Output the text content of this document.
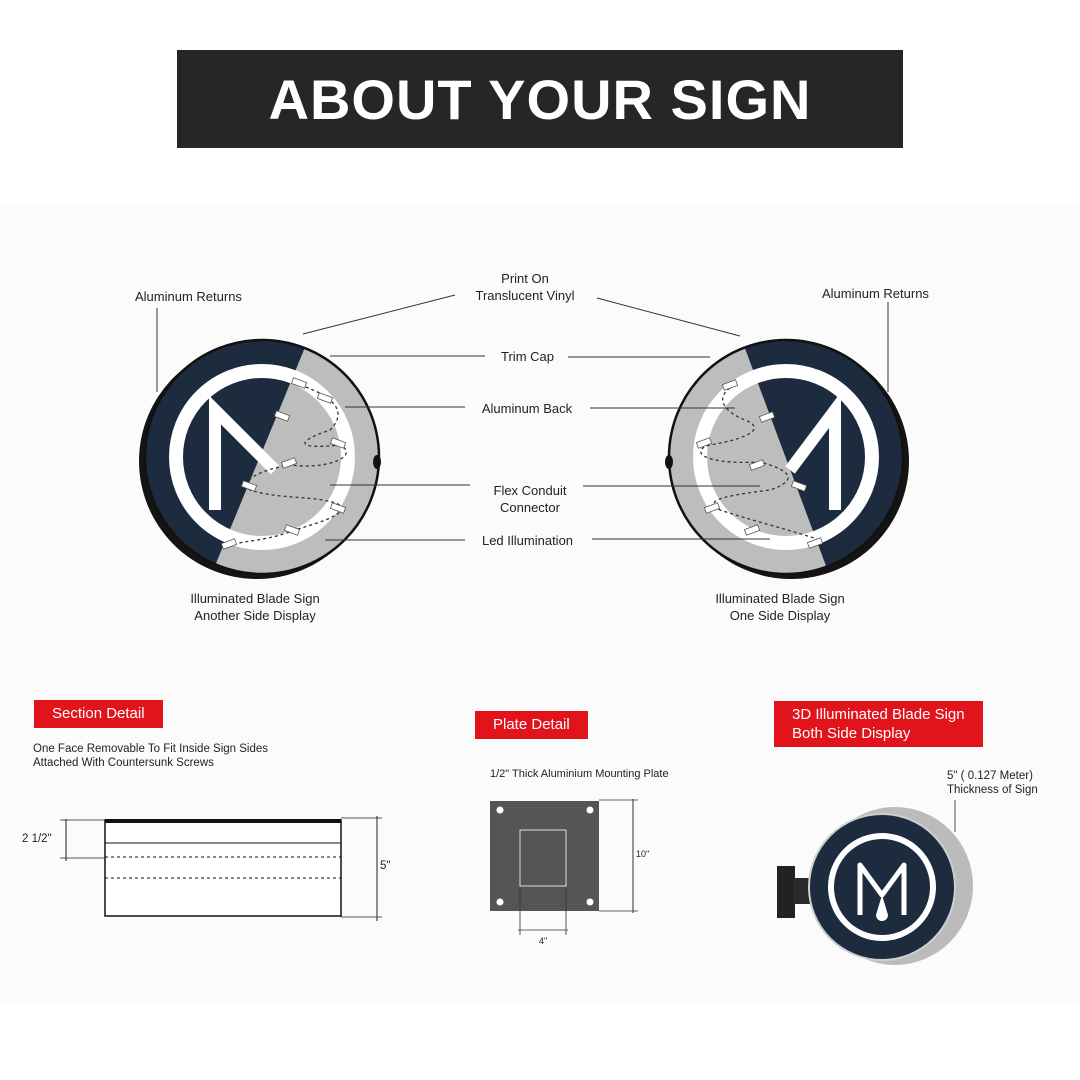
ABOUT YOUR SIGN
Print On
Translucent Vinyl
Aluminum Returns	Aluminum Returns
Trim Cap
Aluminum Back
Flex Conduit
Connector
Led Illumination
Illuminated Blade Sign
Another Side Display
Illuminated Blade Sign
One Side Display
Section Detail
One Face Removable To Fit Inside Sign Sides
Attached With Countersunk Screws
2 1/2"
5"
Plate Detail
1/2" Thick Aluminium Mounting Plate
10"
4"
3D Illuminated Blade Sign
Both Side Display
5" ( 0.127 Meter)
Thickness of Sign
